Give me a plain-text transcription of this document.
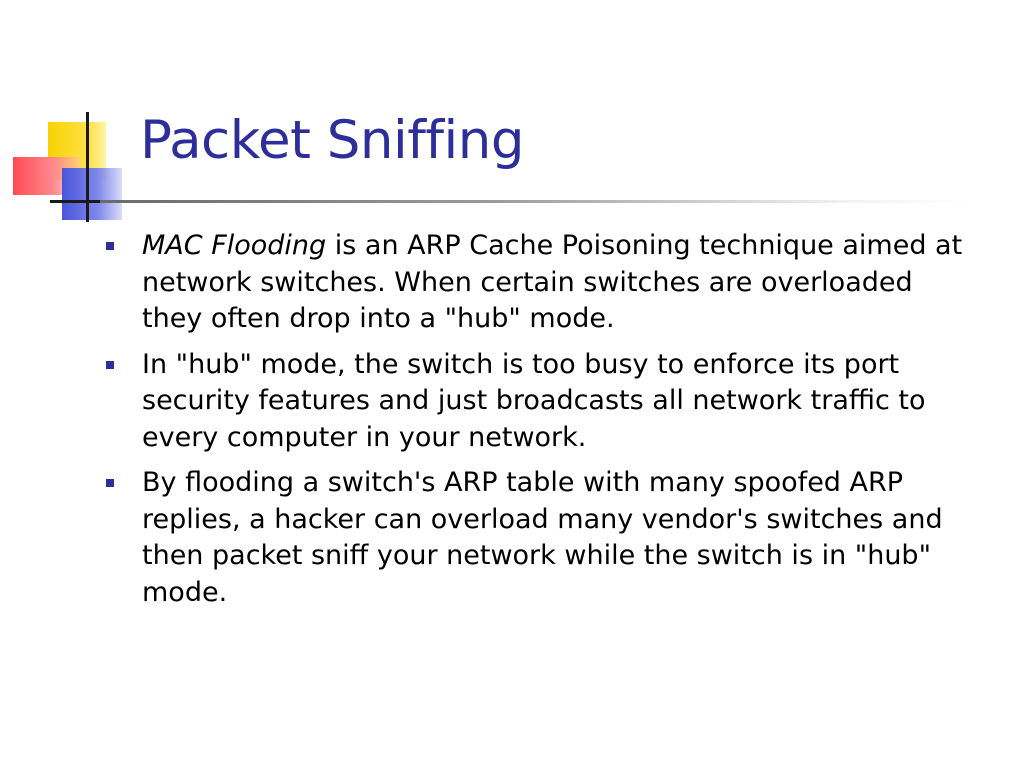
Packet Sniffing
MAC Flooding is an ARP Cache Poisoning technique aimed at network switches. When certain switches are overloaded they often drop into a "hub" mode.
In "hub" mode, the switch is too busy to enforce its port security features and just broadcasts all network traffic to every computer in your network.
By flooding a switch's ARP table with many spoofed ARP replies, a hacker can overload many vendor's switches and then packet sniff your network while the switch is in "hub" mode.
